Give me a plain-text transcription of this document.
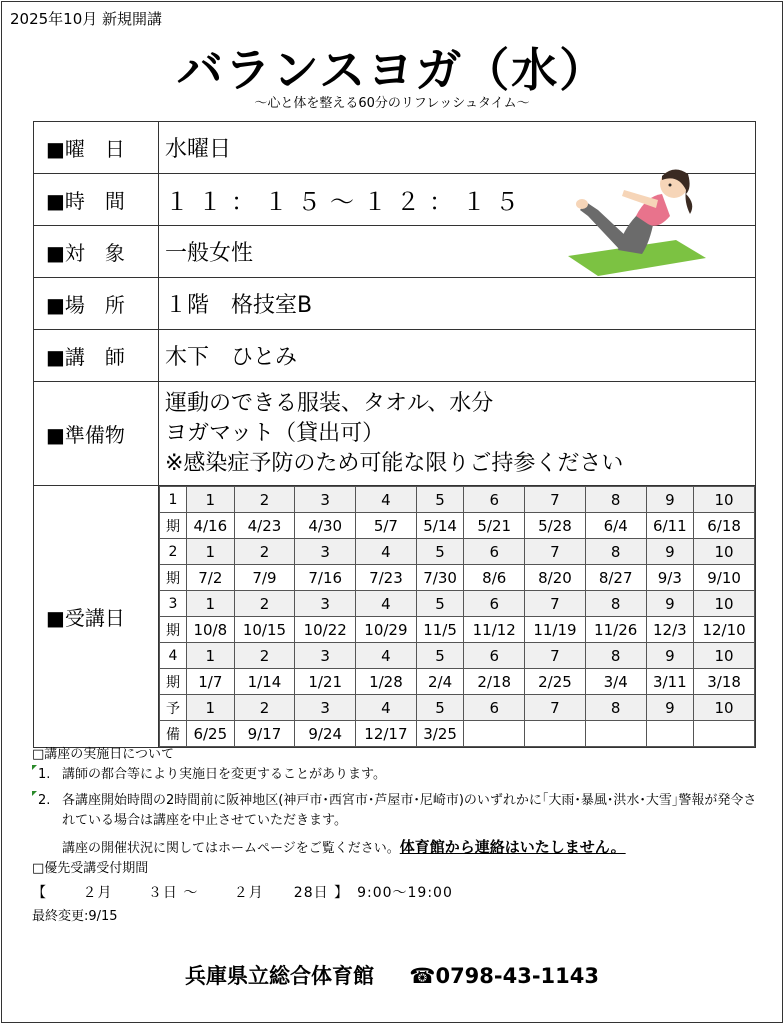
2025年10月 新規開講
バランスヨガ（水）
～心と体を整える60分のリフレッシュタイム～
■曜　日	水曜日
■時　間	１１：１５～１２：１５
■対　象	一般女性
■場　所	１階　格技室B
■講　師	木下　ひとみ
■準備物	
運動のできる服装、タオル、水分
ヨガマット（貸出可）
※感染症予防のため可能な限りご持参ください

■受講日	
1	1	2	3	4	5	6	7	8	9	10
期	4/16	4/23	4/30	5/7	5/14	5/21	5/28	6/4	6/11	6/18
2	1	2	3	4	5	6	7	8	9	10
期	7/2	7/9	7/16	7/23	7/30	8/6	8/20	8/27	9/3	9/10
3	1	2	3	4	5	6	7	8	9	10
期	10/8	10/15	10/22	10/29	11/5	11/12	11/19	11/26	12/3	12/10
4	1	2	3	4	5	6	7	8	9	10
期	1/7	1/14	1/21	1/28	2/4	2/18	2/25	3/4	3/11	3/18
予	1	2	3	4	5	6	7	8	9	10
備	6/25	9/17	9/24	12/17	3/25					
□講座の実施日について
1. 講師の都合等により実施日を変更することがあります。
2. 各講座開始時間の2時間前に阪神地区(神戸市･西宮市･芦屋市･尼崎市)のいずれかに｢大雨･暴風･洪水･大雪｣警報が発令されている場合は講座を中止させていただきます。
講座の開催状況に関してはホームページをご覧ください。体育館から連絡はいたしません。
□優先受講受付期間
【　　 ２月　　 ３日 ～　　 ２月　　28日 】　9:00～19:00
最終変更:9/15
兵庫県立総合体育館 ☎0798-43-1143
